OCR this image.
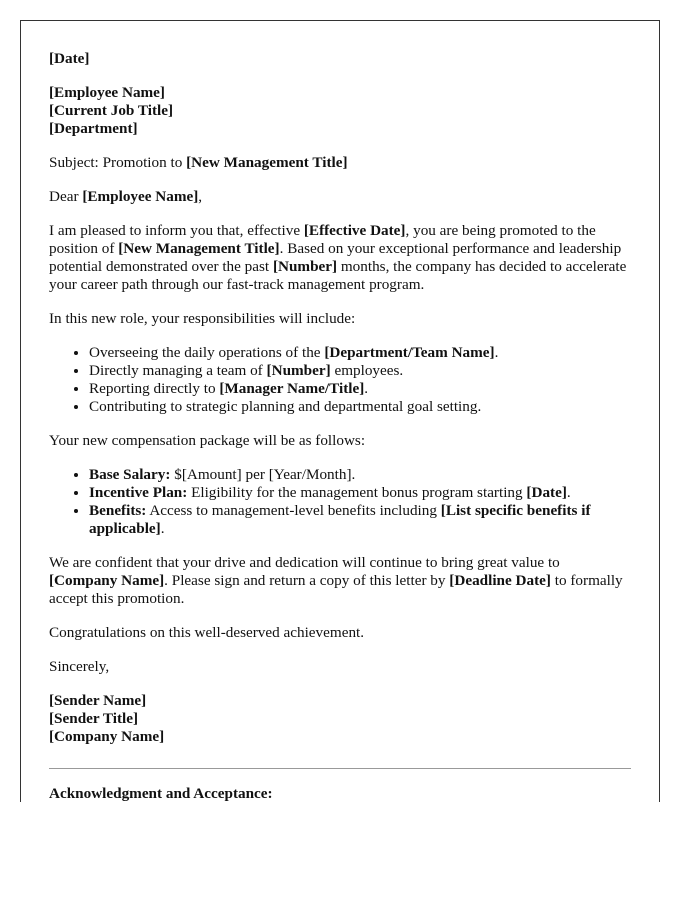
[Date]

[Employee Name]
[Current Job Title]
[Department]

Subject: Promotion to [New Management Title]

Dear [Employee Name],

I am pleased to inform you that, effective [Effective Date], you are being promoted to the position of [New Management Title]. Based on your exceptional performance and leadership potential demonstrated over the past [Number] months, the company has decided to accelerate your career path through our fast-track management program.

In this new role, your responsibilities will include:

• Overseeing the daily operations of the [Department/Team Name].
• Directly managing a team of [Number] employees.
• Reporting directly to [Manager Name/Title].
• Contributing to strategic planning and departmental goal setting.

Your new compensation package will be as follows:

• Base Salary: $[Amount] per [Year/Month].
• Incentive Plan: Eligibility for the management bonus program starting [Date].
• Benefits: Access to management-level benefits including [List specific benefits if applicable].

We are confident that your drive and dedication will continue to bring great value to [Company Name]. Please sign and return a copy of this letter by [Deadline Date] to formally accept this promotion.

Congratulations on this well-deserved achievement.

Sincerely,

[Sender Name]
[Sender Title]
[Company Name]

Acknowledgment and Acceptance:
